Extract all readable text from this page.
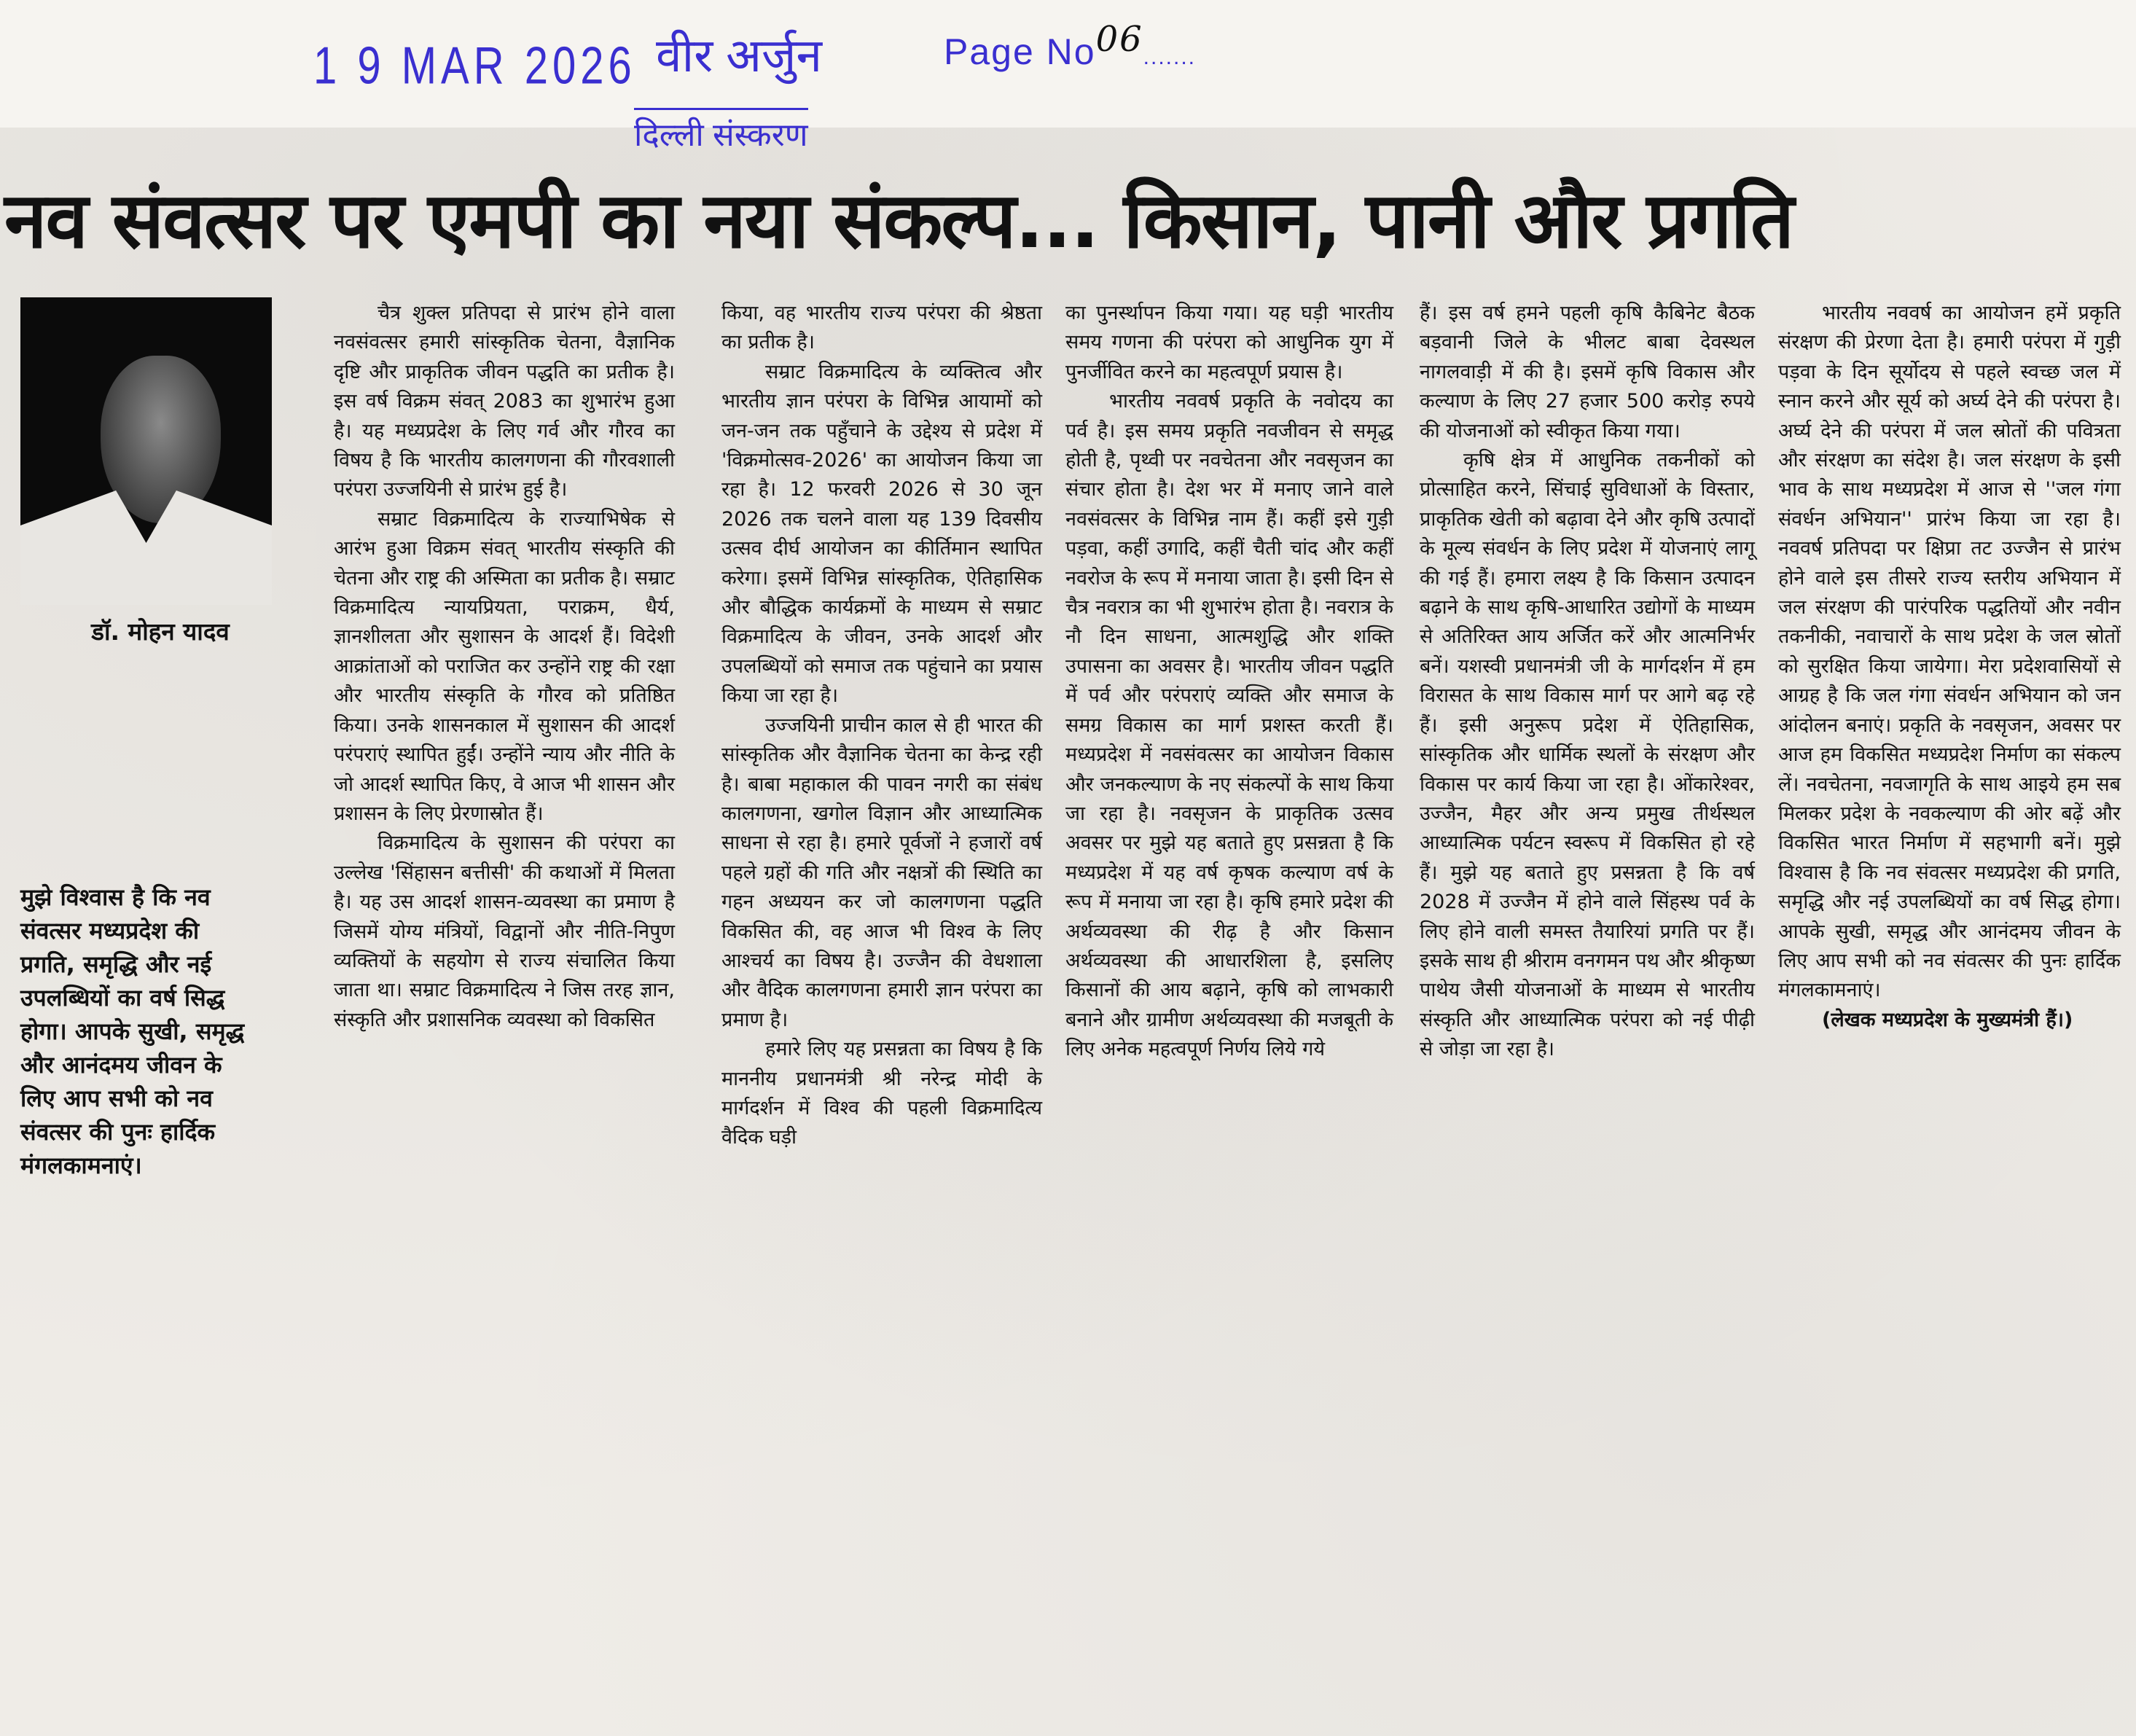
1 9 MAR 2026 वीर अर्जुन	Page No06.......
दिल्ली संस्करण
नव संवत्सर पर एमपी का नया संकल्प... किसान, पानी और प्रगति
डॉ. मोहन यादव
मुझे विश्वास है कि नव संवत्सर मध्यप्रदेश की प्रगति, समृद्धि और नई उपलब्धियों का वर्ष सिद्ध होगा। आपके सुखी, समृद्ध और आनंदमय जीवन के लिए आप सभी को नव संवत्सर की पुनः हार्दिक मंगलकामनाएं।

चैत्र शुक्ल प्रतिपदा से प्रारंभ होने वाला नवसंवत्सर हमारी सांस्कृतिक चेतना, वैज्ञानिक दृष्टि और प्राकृतिक जीवन पद्धति का प्रतीक है। इस वर्ष विक्रम संवत् 2083 का शुभारंभ हुआ है। यह मध्यप्रदेश के लिए गर्व और गौरव का विषय है कि भारतीय कालगणना की गौरवशाली परंपरा उज्जयिनी से प्रारंभ हुई है।

सम्राट विक्रमादित्य के राज्याभिषेक से आरंभ हुआ विक्रम संवत् भारतीय संस्कृति की चेतना और राष्ट्र की अस्मिता का प्रतीक है। सम्राट विक्रमादित्य न्यायप्रियता, पराक्रम, धैर्य, ज्ञानशीलता और सुशासन के आदर्श हैं। विदेशी आक्रांताओं को पराजित कर उन्होंने राष्ट्र की रक्षा और भारतीय संस्कृति के गौरव को प्रतिष्ठित किया। उनके शासनकाल में सुशासन की आदर्श परंपराएं स्थापित हुईं। उन्होंने न्याय और नीति के जो आदर्श स्थापित किए, वे आज भी शासन और प्रशासन के लिए प्रेरणास्रोत हैं।

विक्रमादित्य के सुशासन की परंपरा का उल्लेख 'सिंहासन बत्तीसी' की कथाओं में मिलता है। यह उस आदर्श शासन-व्यवस्था का प्रमाण है जिसमें योग्य मंत्रियों, विद्वानों और नीति-निपुण व्यक्तियों के सहयोग से राज्य संचालित किया जाता था। सम्राट विक्रमादित्य ने जिस तरह ज्ञान, संस्कृति और प्रशासनिक व्यवस्था को विकसित

किया, वह भारतीय राज्य परंपरा की श्रेष्ठता का प्रतीक है।

सम्राट विक्रमादित्य के व्यक्तित्व और भारतीय ज्ञान परंपरा के विभिन्न आयामों को जन-जन तक पहुँचाने के उद्देश्य से प्रदेश में 'विक्रमोत्सव-2026' का आयोजन किया जा रहा है। 12 फरवरी 2026 से 30 जून 2026 तक चलने वाला यह 139 दिवसीय उत्सव दीर्घ आयोजन का कीर्तिमान स्थापित करेगा। इसमें विभिन्न सांस्कृतिक, ऐतिहासिक और बौद्धिक कार्यक्रमों के माध्यम से सम्राट विक्रमादित्य के जीवन, उनके आदर्श और उपलब्धियों को समाज तक पहुंचाने का प्रयास किया जा रहा है।

उज्जयिनी प्राचीन काल से ही भारत की सांस्कृतिक और वैज्ञानिक चेतना का केन्द्र रही है। बाबा महाकाल की पावन नगरी का संबंध कालगणना, खगोल विज्ञान और आध्यात्मिक साधना से रहा है। हमारे पूर्वजों ने हजारों वर्ष पहले ग्रहों की गति और नक्षत्रों की स्थिति का गहन अध्ययन कर जो कालगणना पद्धति विकसित की, वह आज भी विश्व के लिए आश्चर्य का विषय है। उज्जैन की वेधशाला और वैदिक कालगणना हमारी ज्ञान परंपरा का प्रमाण है।

हमारे लिए यह प्रसन्नता का विषय है कि माननीय प्रधानमंत्री श्री नरेन्द्र मोदी के मार्गदर्शन में विश्व की पहली विक्रमादित्य वैदिक घड़ी

का पुनर्स्थापन किया गया। यह घड़ी भारतीय समय गणना की परंपरा को आधुनिक युग में पुनर्जीवित करने का महत्वपूर्ण प्रयास है।

भारतीय नववर्ष प्रकृति के नवोदय का पर्व है। इस समय प्रकृति नवजीवन से समृद्ध होती है, पृथ्वी पर नवचेतना और नवसृजन का संचार होता है। देश भर में मनाए जाने वाले नवसंवत्सर के विभिन्न नाम हैं। कहीं इसे गुड़ी पड़वा, कहीं उगादि, कहीं चैती चांद और कहीं नवरोज के रूप में मनाया जाता है। इसी दिन से चैत्र नवरात्र का भी शुभारंभ होता है। नवरात्र के नौ दिन साधना, आत्मशुद्धि और शक्ति उपासना का अवसर है। भारतीय जीवन पद्धति में पर्व और परंपराएं व्यक्ति और समाज के समग्र विकास का मार्ग प्रशस्त करती हैं। मध्यप्रदेश में नवसंवत्सर का आयोजन विकास और जनकल्याण के नए संकल्पों के साथ किया जा रहा है। नवसृजन के प्राकृतिक उत्सव अवसर पर मुझे यह बताते हुए प्रसन्नता है कि मध्यप्रदेश में यह वर्ष कृषक कल्याण वर्ष के रूप में मनाया जा रहा है। कृषि हमारे प्रदेश की अर्थव्यवस्था की रीढ़ है और किसान अर्थव्यवस्था की आधारशिला है, इसलिए किसानों की आय बढ़ाने, कृषि को लाभकारी बनाने और ग्रामीण अर्थव्यवस्था की मजबूती के लिए अनेक महत्वपूर्ण निर्णय लिये गये

हैं। इस वर्ष हमने पहली कृषि कैबिनेट बैठक बड़वानी जिले के भीलट बाबा देवस्थल नागलवाड़ी में की है। इसमें कृषि विकास और कल्याण के लिए 27 हजार 500 करोड़ रुपये की योजनाओं को स्वीकृत किया गया।

कृषि क्षेत्र में आधुनिक तकनीकों को प्रोत्साहित करने, सिंचाई सुविधाओं के विस्तार, प्राकृतिक खेती को बढ़ावा देने और कृषि उत्पादों के मूल्य संवर्धन के लिए प्रदेश में योजनाएं लागू की गई हैं। हमारा लक्ष्य है कि किसान उत्पादन बढ़ाने के साथ कृषि-आधारित उद्योगों के माध्यम से अतिरिक्त आय अर्जित करें और आत्मनिर्भर बनें। यशस्वी प्रधानमंत्री जी के मार्गदर्शन में हम विरासत के साथ विकास मार्ग पर आगे बढ़ रहे हैं। इसी अनुरूप प्रदेश में ऐतिहासिक, सांस्कृतिक और धार्मिक स्थलों के संरक्षण और विकास पर कार्य किया जा रहा है। ओंकारेश्वर, उज्जैन, मैहर और अन्य प्रमुख तीर्थस्थल आध्यात्मिक पर्यटन स्वरूप में विकसित हो रहे हैं। मुझे यह बताते हुए प्रसन्नता है कि वर्ष 2028 में उज्जैन में होने वाले सिंहस्थ पर्व के लिए होने वाली समस्त तैयारियां प्रगति पर हैं। इसके साथ ही श्रीराम वनगमन पथ और श्रीकृष्ण पाथेय जैसी योजनाओं के माध्यम से भारतीय संस्कृति और आध्यात्मिक परंपरा को नई पीढ़ी से जोड़ा जा रहा है।

भारतीय नववर्ष का आयोजन हमें प्रकृति संरक्षण की प्रेरणा देता है। हमारी परंपरा में गुड़ी पड़वा के दिन सूर्योदय से पहले स्वच्छ जल में स्नान करने और सूर्य को अर्घ्य देने की परंपरा है। अर्घ्य देने की परंपरा में जल स्रोतों की पवित्रता और संरक्षण का संदेश है। जल संरक्षण के इसी भाव के साथ मध्यप्रदेश में आज से ''जल गंगा संवर्धन अभियान'' प्रारंभ किया जा रहा है। नववर्ष प्रतिपदा पर क्षिप्रा तट उज्जैन से प्रारंभ होने वाले इस तीसरे राज्य स्तरीय अभियान में जल संरक्षण की पारंपरिक पद्धतियों और नवीन तकनीकी, नवाचारों के साथ प्रदेश के जल स्रोतों को सुरक्षित किया जायेगा। मेरा प्रदेशवासियों से आग्रह है कि जल गंगा संवर्धन अभियान को जन आंदोलन बनाएं। प्रकृति के नवसृजन, अवसर पर आज हम विकसित मध्यप्रदेश निर्माण का संकल्प लें। नवचेतना, नवजागृति के साथ आइये हम सब मिलकर प्रदेश के नवकल्याण की ओर बढ़ें और विकसित भारत निर्माण में सहभागी बनें। मुझे विश्वास है कि नव संवत्सर मध्यप्रदेश की प्रगति, समृद्धि और नई उपलब्धियों का वर्ष सिद्ध होगा। आपके सुखी, समृद्ध और आनंदमय जीवन के लिए आप सभी को नव संवत्सर की पुनः हार्दिक मंगलकामनाएं।

(लेखक मध्यप्रदेश के मुख्यमंत्री हैं।)
